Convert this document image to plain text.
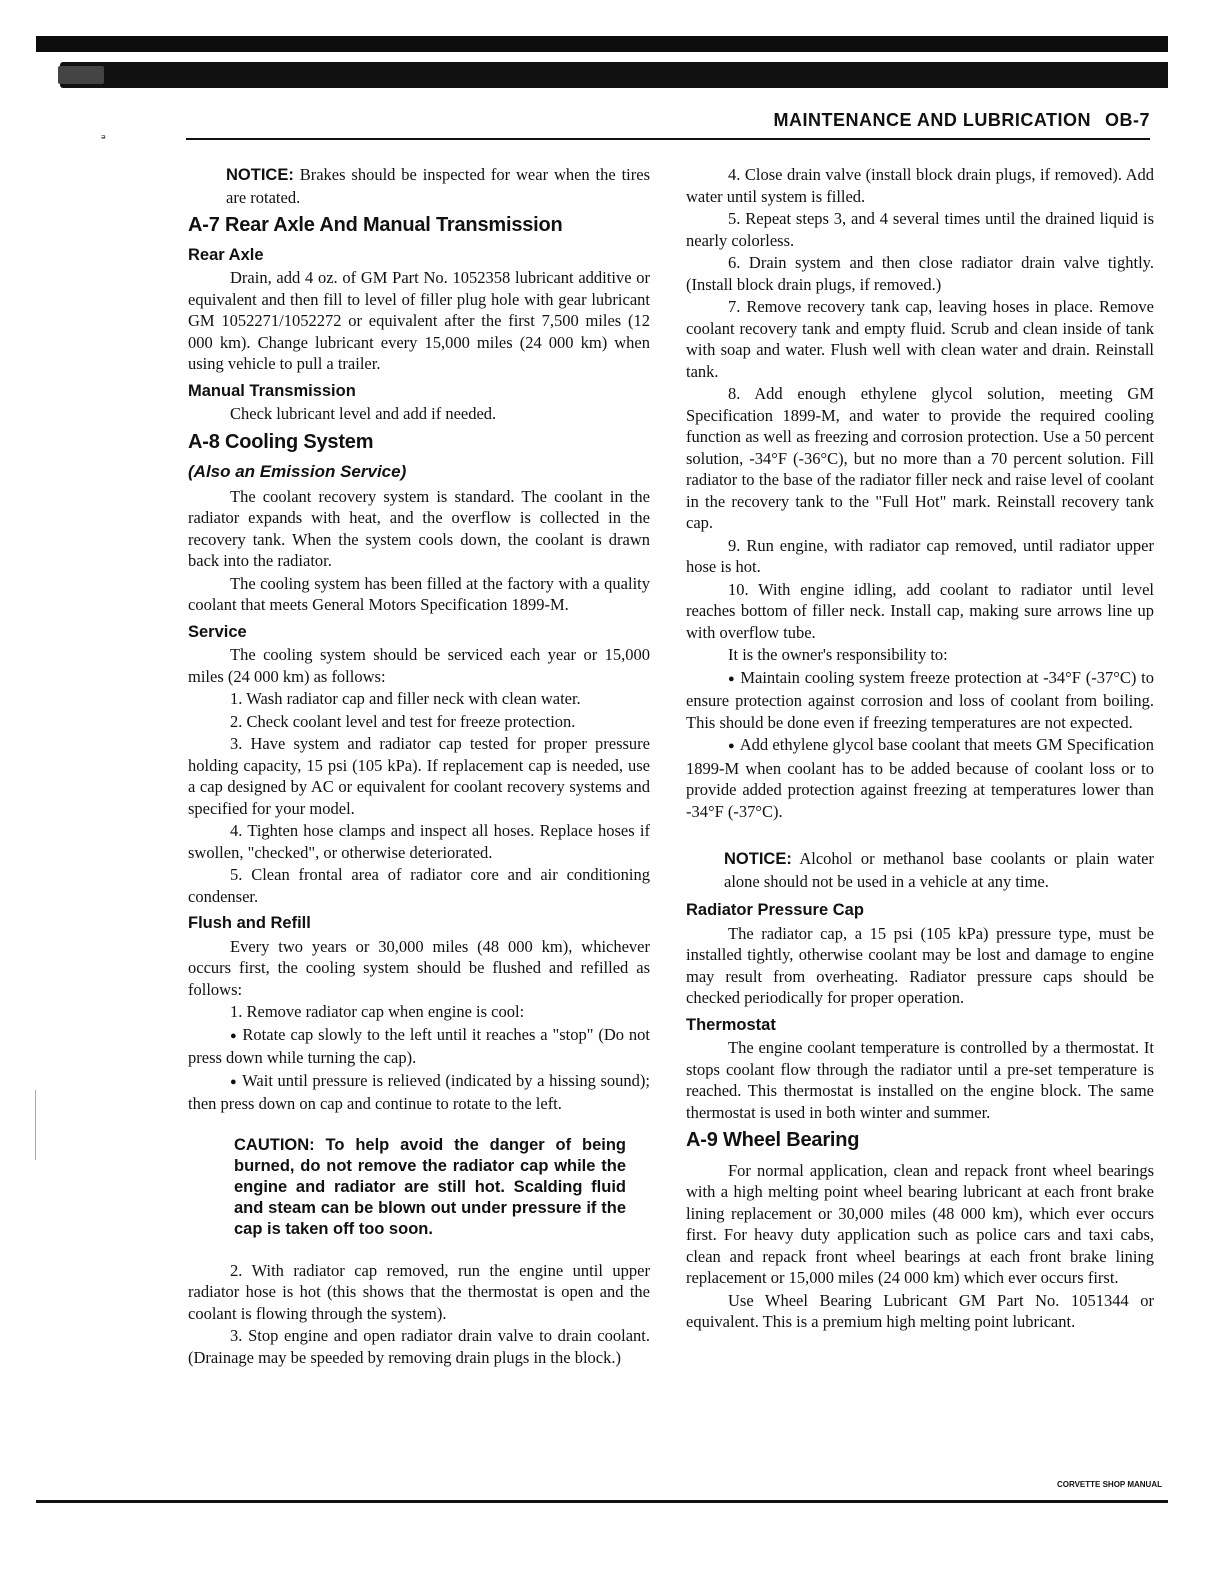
ₔ
MAINTENANCE AND LUBRICATION OB-7
NOTICE: Brakes should be inspected for wear when the tires are rotated.
A-7 Rear Axle And Manual Transmission
Rear Axle

Drain, add 4 oz. of GM Part No. 1052358 lubricant additive or equivalent and then fill to level of filler plug hole with gear lubricant GM 1052271/1052272 or equivalent after the first 7,500 miles (12 000 km). Change lubricant every 15,000 miles (24 000 km) when using vehicle to pull a trailer.

Manual Transmission

Check lubricant level and add if needed.

A-8 Cooling System
(Also an Emission Service)

The coolant recovery system is standard. The coolant in the radiator expands with heat, and the overflow is collected in the recovery tank. When the system cools down, the coolant is drawn back into the radiator.

The cooling system has been filled at the factory with a quality coolant that meets General Motors Specification 1899-M.

Service

The cooling system should be serviced each year or 15,000 miles (24 000 km) as follows:

1. Wash radiator cap and filler neck with clean water.

2. Check coolant level and test for freeze protection.

3. Have system and radiator cap tested for proper pressure holding capacity, 15 psi (105 kPa). If replacement cap is needed, use a cap designed by AC or equivalent for coolant recovery systems and specified for your model.

4. Tighten hose clamps and inspect all hoses. Replace hoses if swollen, "checked", or otherwise deteriorated.

5. Clean frontal area of radiator core and air conditioning condenser.

Flush and Refill

Every two years or 30,000 miles (48 000 km), whichever occurs first, the cooling system should be flushed and refilled as follows:

1. Remove radiator cap when engine is cool:

● Rotate cap slowly to the left until it reaches a "stop" (Do not press down while turning the cap).

● Wait until pressure is relieved (indicated by a hissing sound); then press down on cap and continue to rotate to the left.

CAUTION: To help avoid the danger of being burned, do not remove the radiator cap while the engine and radiator are still hot. Scalding fluid and steam can be blown out under pressure if the cap is taken off too soon.

2. With radiator cap removed, run the engine until upper radiator hose is hot (this shows that the thermostat is open and the coolant is flowing through the system).

3. Stop engine and open radiator drain valve to drain coolant. (Drainage may be speeded by removing drain plugs in the block.)

4. Close drain valve (install block drain plugs, if removed). Add water until system is filled.

5. Repeat steps 3, and 4 several times until the drained liquid is nearly colorless.

6. Drain system and then close radiator drain valve tightly. (Install block drain plugs, if removed.)

7. Remove recovery tank cap, leaving hoses in place. Remove coolant recovery tank and empty fluid. Scrub and clean inside of tank with soap and water. Flush well with clean water and drain. Reinstall tank.

8. Add enough ethylene glycol solution, meeting GM Specification 1899-M, and water to provide the required cooling function as well as freezing and corrosion protection. Use a 50 percent solution, -34°F (-36°C), but no more than a 70 percent solution. Fill radiator to the base of the radiator filler neck and raise level of coolant in the recovery tank to the "Full Hot" mark. Reinstall recovery tank cap.

9. Run engine, with radiator cap removed, until radiator upper hose is hot.

10. With engine idling, add coolant to radiator until level reaches bottom of filler neck. Install cap, making sure arrows line up with overflow tube.

It is the owner's responsibility to:

● Maintain cooling system freeze protection at -34°F (-37°C) to ensure protection against corrosion and loss of coolant from boiling. This should be done even if freezing temperatures are not expected.

● Add ethylene glycol base coolant that meets GM Specification 1899-M when coolant has to be added because of coolant loss or to provide added protection against freezing at temperatures lower than -34°F (-37°C).

NOTICE: Alcohol or methanol base coolants or plain water alone should not be used in a vehicle at any time.
Radiator Pressure Cap

The radiator cap, a 15 psi (105 kPa) pressure type, must be installed tightly, otherwise coolant may be lost and damage to engine may result from overheating. Radiator pressure caps should be checked periodically for proper operation.

Thermostat

The engine coolant temperature is controlled by a thermostat. It stops coolant flow through the radiator until a pre-set temperature is reached. This thermostat is installed on the engine block. The same thermostat is used in both winter and summer.

A-9 Wheel Bearing

For normal application, clean and repack front wheel bearings with a high melting point wheel bearing lubricant at each front brake lining replacement or 30,000 miles (48 000 km), which ever occurs first. For heavy duty application such as police cars and taxi cabs, clean and repack front wheel bearings at each front brake lining replacement or 15,000 miles (24 000 km) which ever occurs first.

Use Wheel Bearing Lubricant GM Part No. 1051344 or equivalent. This is a premium high melting point lubricant.

CORVETTE SHOP MANUAL
